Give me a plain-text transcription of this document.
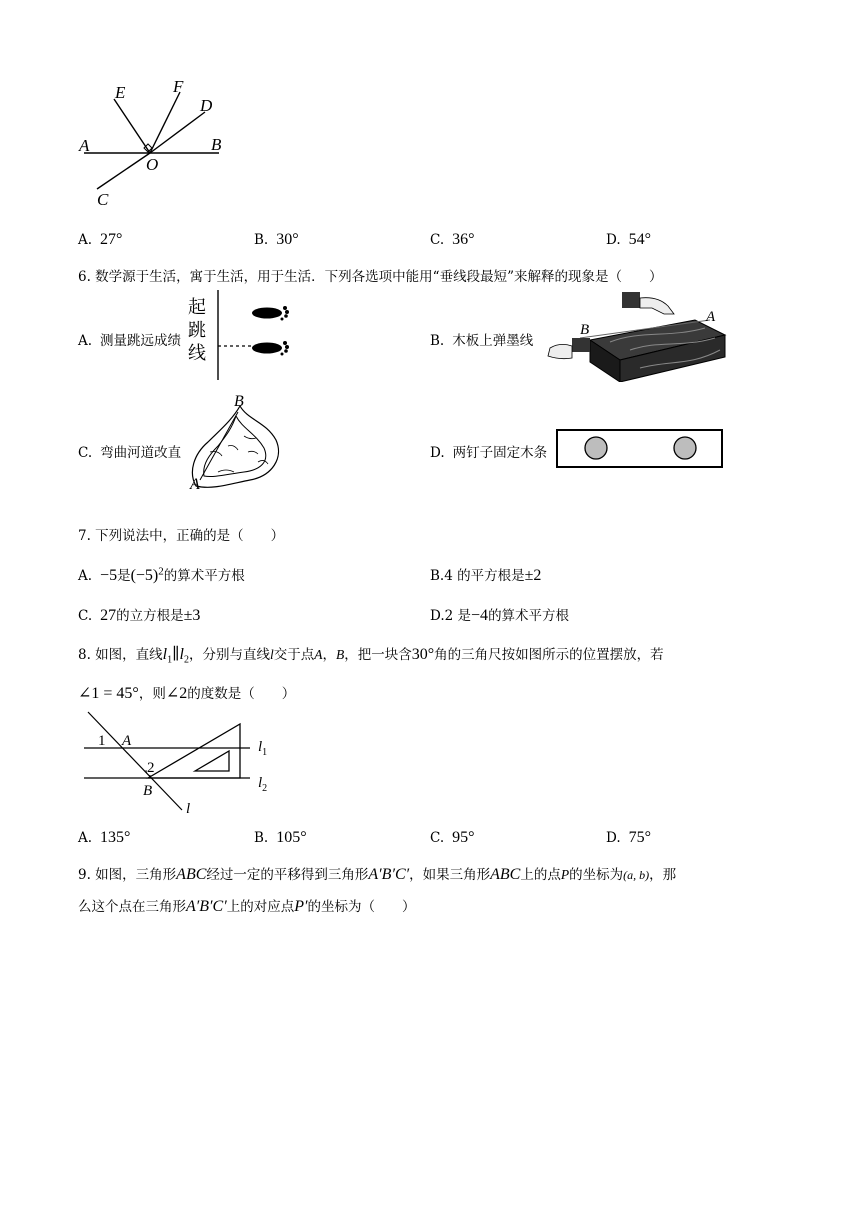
E	F
D
A	B
O
C
A. 27°	B. 30°	C. 36°	D. 54°
6. 数学源于生活，寓于生活，用于生活．下列各选项中能用“垂线段最短”来解释的现象是（　　）
A. 测量跳远成绩
起
跳
线
B. 木板上弹墨线
A
B
C. 弯曲河道改直
B
A
D. 两钉子固定木条
7. 下列说法中，正确的是（　　）
A. −5是$(-5)^2$的算术平方根	B.4 的平方根是±2
C. 27的立方根是±3	D.2 是−4的算术平方根
8. 如图，直线$l_1\parallel l_2$，分别与直线l交于点A，B，把一块含30°角的三角尺按如图所示的位置摆放，若
∠1 = 45°，则∠2的度数是（　　）
1 A
2
B
l
$l_1$
$l_2$
A. 135°	B. 105°	C. 95°	D. 75°
9. 如图，三角形ABC经过一定的平移得到三角形A′B′C′，如果三角形ABC上的点P的坐标为(a, b)，那
么这个点在三角形A′B′C′上的对应点P′的坐标为（　　）
